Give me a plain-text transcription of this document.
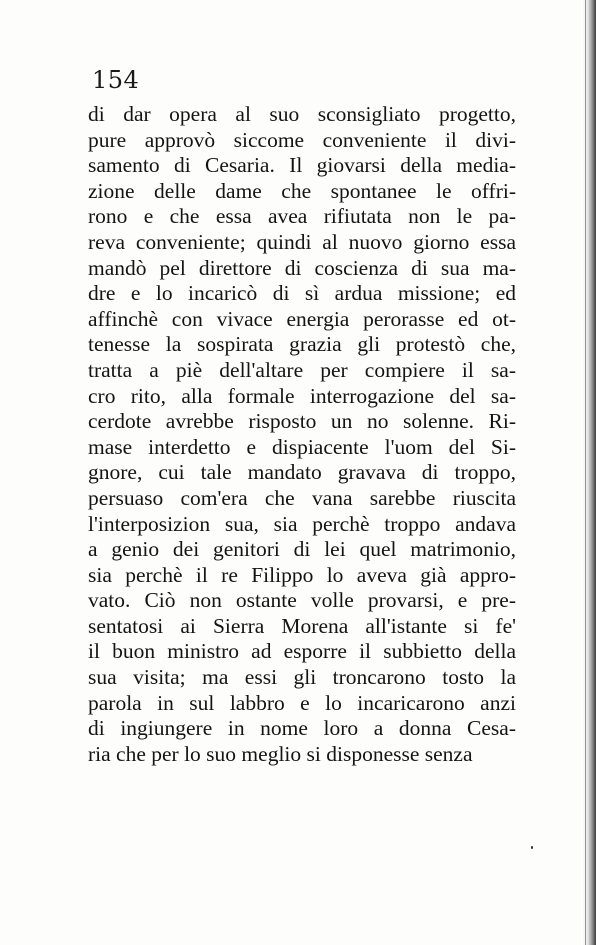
154
di dar opera al suo sconsigliato progetto,
pure approvò siccome conveniente il divi-
samento di Cesaria. Il giovarsi della media-
zione delle dame che spontanee le offri-
rono e che essa avea rifiutata non le pa-
reva conveniente; quindi al nuovo giorno essa
mandò pel direttore di coscienza di sua ma-
dre e lo incaricò di sì ardua missione; ed
affinchè con vivace energia perorasse ed ot-
tenesse la sospirata grazia gli protestò che,
tratta a piè dell'altare per compiere il sa-
cro rito, alla formale interrogazione del sa-
cerdote avrebbe risposto un no solenne. Ri-
mase interdetto e dispiacente l'uom del Si-
gnore, cui tale mandato gravava di troppo,
persuaso com'era che vana sarebbe riuscita
l'interposizion sua, sia perchè troppo andava
a genio dei genitori di lei quel matrimonio,
sia perchè il re Filippo lo aveva già appro-
vato. Ciò non ostante volle provarsi, e pre-
sentatosi ai Sierra Morena all'istante si fe'
il buon ministro ad esporre il subbietto della
sua visita; ma essi gli troncarono tosto la
parola in sul labbro e lo incaricarono anzi
di ingiungere in nome loro a donna Cesa-
ria che per lo suo meglio si disponesse senza
